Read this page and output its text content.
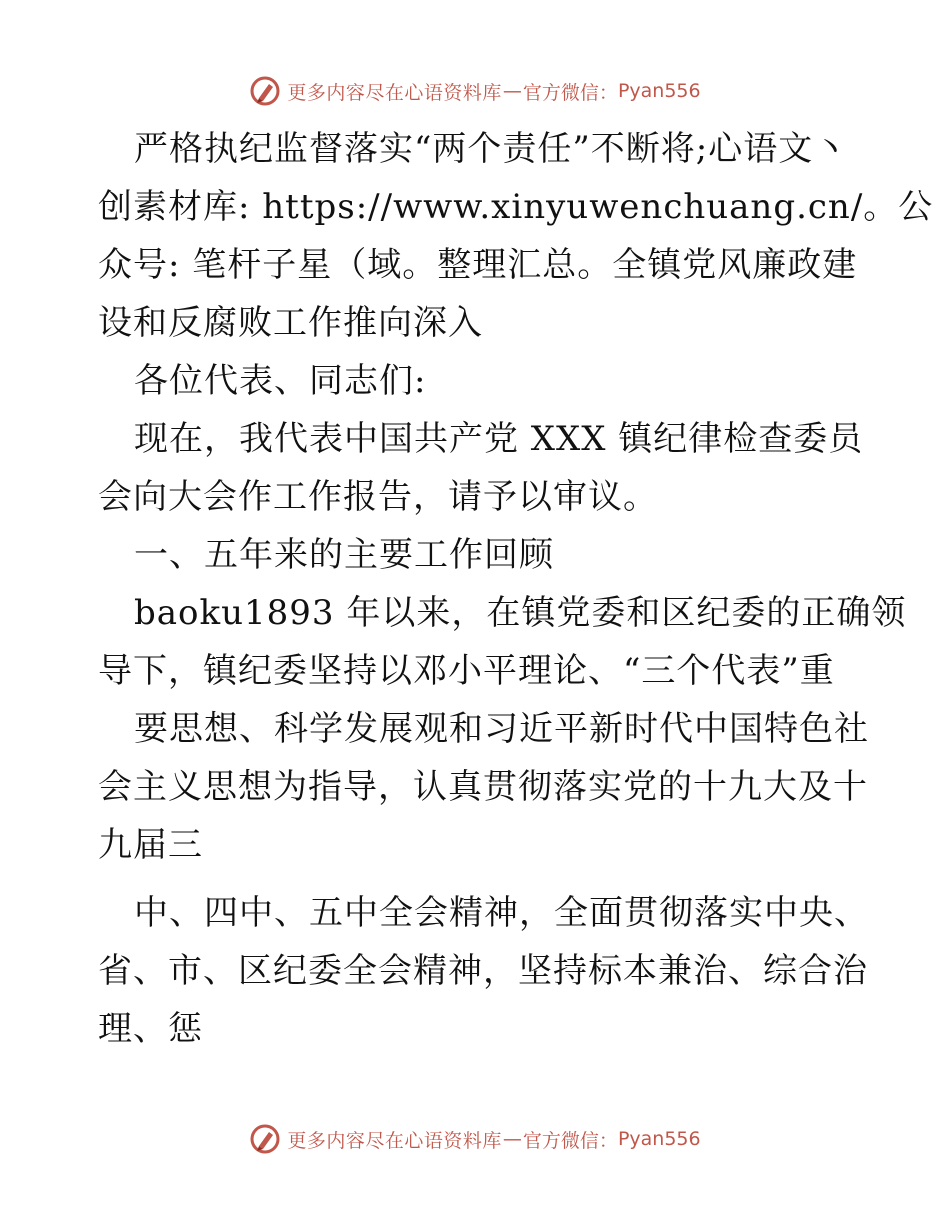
更多内容尽在心语资料库 — 官方微信： Pyan556

严格执纪监督落实“两个责任”不断将;心语文丶

创素材库: https://www.xinyuwenchuang.cn/。公

众号: 笔杆子星（域。整理汇总。全镇党风廉政建

设和反腐败工作推向深入

各位代表、同志们:

现在，我代表中国共产党 XXX 镇纪律检查委员

会向大会作工作报告，请予以审议。

一、五年来的主要工作回顾

baoku1893 年以来，在镇党委和区纪委的正确领

导下，镇纪委坚持以邓小平理论、“三个代表”重

要思想、科学发展观和习近平新时代中国特色社

会主义思想为指导，认真贯彻落实党的十九大及十

九届三

中、四中、五中全会精神，全面贯彻落实中央、

省、市、区纪委全会精神，坚持标本兼治、综合治

理、惩

更多内容尽在心语资料库 — 官方微信： Pyan556
